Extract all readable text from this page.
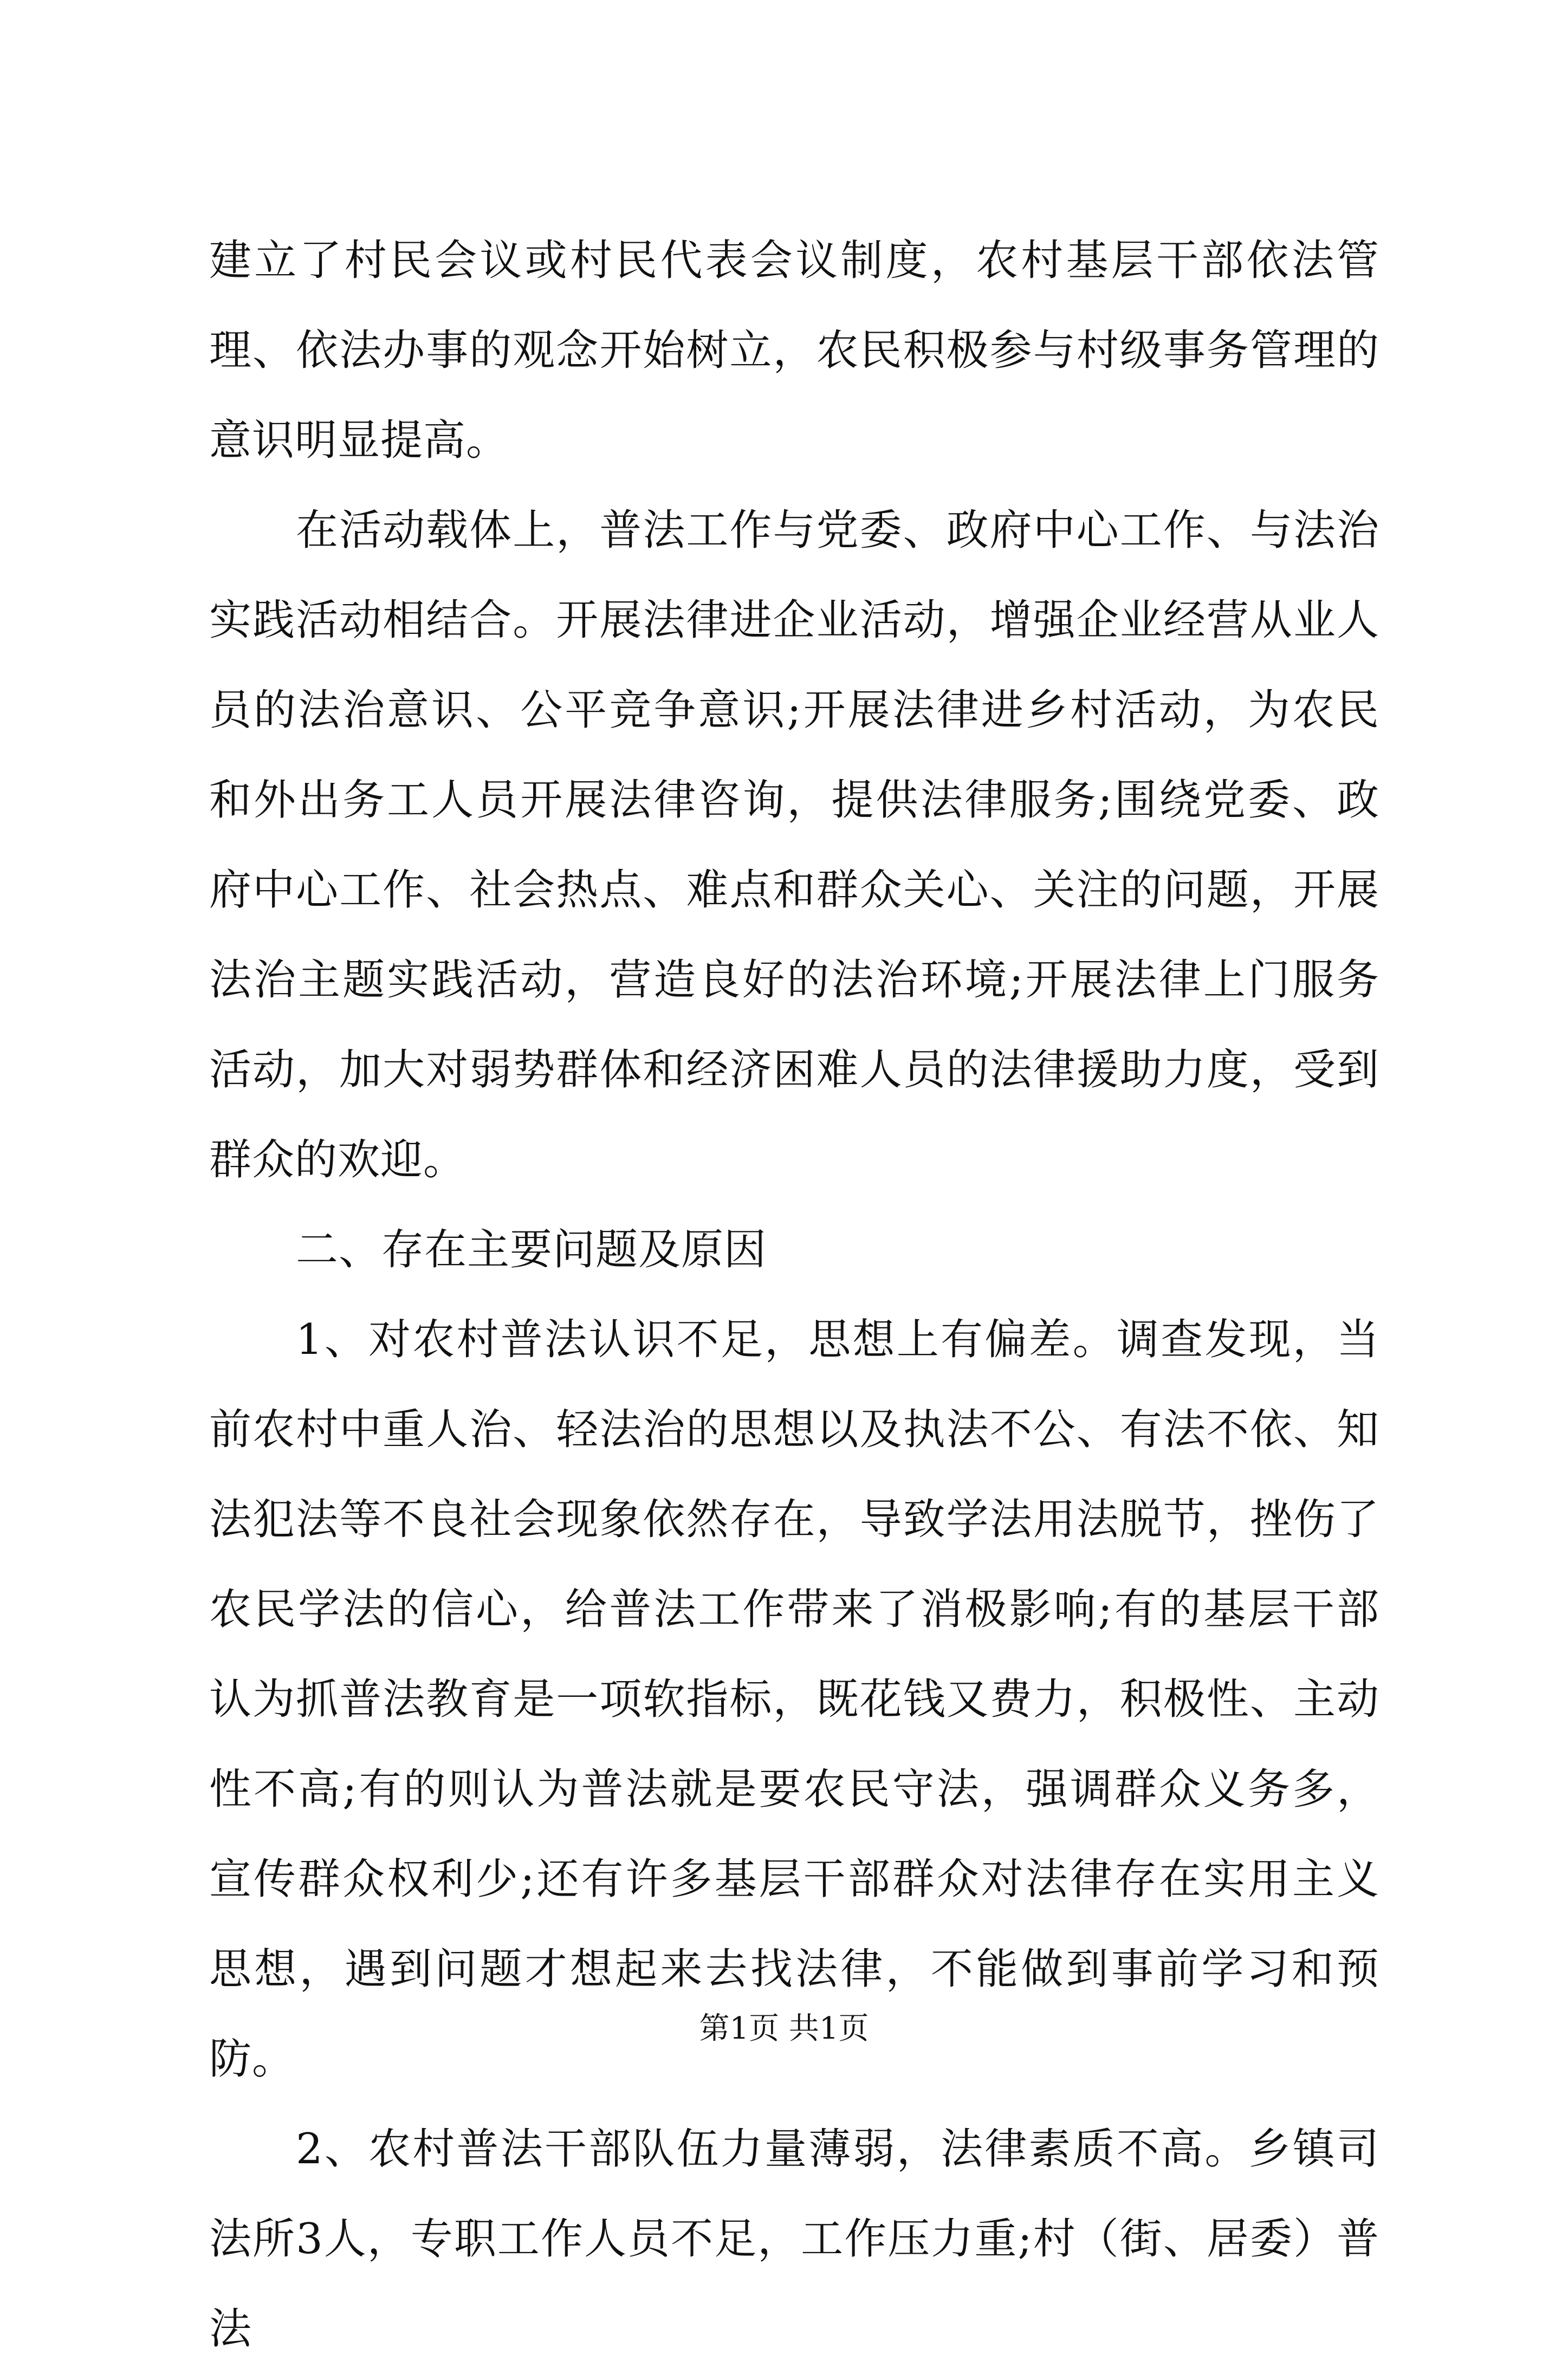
建立了村民会议或村民代表会议制度，农村基层干部依法管理、依法办事的观念开始树立，农民积极参与村级事务管理的意识明显提高。

在活动载体上，普法工作与党委、政府中心工作、与法治实践活动相结合。开展法律进企业活动，增强企业经营从业人员的法治意识、公平竞争意识;开展法律进乡村活动，为农民和外出务工人员开展法律咨询，提供法律服务;围绕党委、政府中心工作、社会热点、难点和群众关心、关注的问题，开展法治主题实践活动，营造良好的法治环境;开展法律上门服务活动，加大对弱势群体和经济困难人员的法律援助力度，受到群众的欢迎。

二、存在主要问题及原因

1、对农村普法认识不足，思想上有偏差。调查发现，当前农村中重人治、轻法治的思想以及执法不公、有法不依、知法犯法等不良社会现象依然存在，导致学法用法脱节，挫伤了农民学法的信心，给普法工作带来了消极影响;有的基层干部认为抓普法教育是一项软指标，既花钱又费力，积极性、主动性不高;有的则认为普法就是要农民守法，强调群众义务多，宣传群众权利少;还有许多基层干部群众对法律存在实用主义思想，遇到问题才想起来去找法律，不能做到事前学习和预防。

2、农村普法干部队伍力量薄弱，法律素质不高。乡镇司法所3人，专职工作人员不足，工作压力重;村（街、居委）普法

第1页 共1页
